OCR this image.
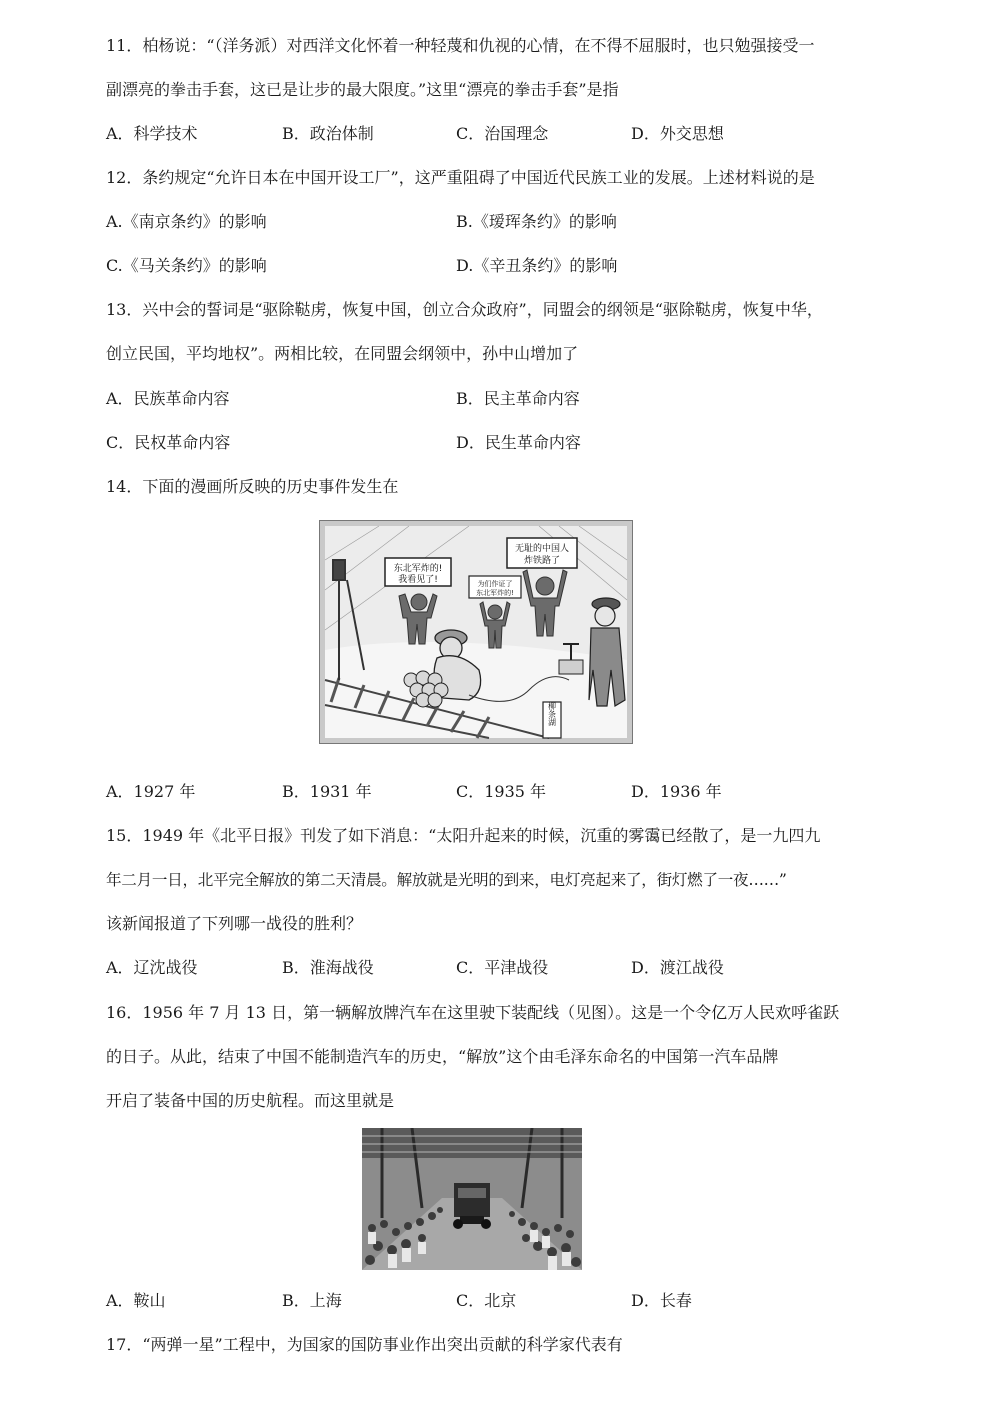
11．柏杨说：“（洋务派）对西洋文化怀着一种轻蔑和仇视的心情，在不得不屈服时，也只勉强接受一
副漂亮的拳击手套，这已是让步的最大限度。”这里“漂亮的拳击手套”是指
A．科学技术	B．政治体制	C．治国理念	D．外交思想
12．条约规定“允许日本在中国开设工厂”，这严重阻碍了中国近代民族工业的发展。上述材料说的是
A.《南京条约》的影响	B.《瑷珲条约》的影响
C.《马关条约》的影响	D.《辛丑条约》的影响
13．兴中会的誓词是“驱除鞑虏，恢复中国，创立合众政府”，同盟会的纲领是“驱除鞑虏，恢复中华，
创立民国，平均地权”。两相比较，在同盟会纲领中，孙中山增加了
A．民族革命内容	B．民主革命内容
C．民权革命内容	D．民生革命内容
14．下面的漫画所反映的历史事件发生在
东北军炸的!
我看见了!	为们作证了
东北军炸的!
无耻的中国人
炸铁路了
柳条湖
A．1927 年	B．1931 年	C．1935 年	D．1936 年
15．1949 年《北平日报》刊发了如下消息：“太阳升起来的时候，沉重的雾霭已经散了，是一九四九
年二月一日，北平完全解放的第二天清晨。解放就是光明的到来，电灯亮起来了，街灯燃了一夜……”
该新闻报道了下列哪一战役的胜利？
A．辽沈战役	B．淮海战役	C．平津战役	D．渡江战役
16．1956 年 7 月 13 日，第一辆解放牌汽车在这里驶下装配线（见图）。这是一个令亿万人民欢呼雀跃
的日子。从此，结束了中国不能制造汽车的历史，“解放”这个由毛泽东命名的中国第一汽车品牌
开启了装备中国的历史航程。而这里就是
A．鞍山	B．上海	C．北京	D．长春
17．“两弹一星”工程中，为国家的国防事业作出突出贡献的科学家代表有
